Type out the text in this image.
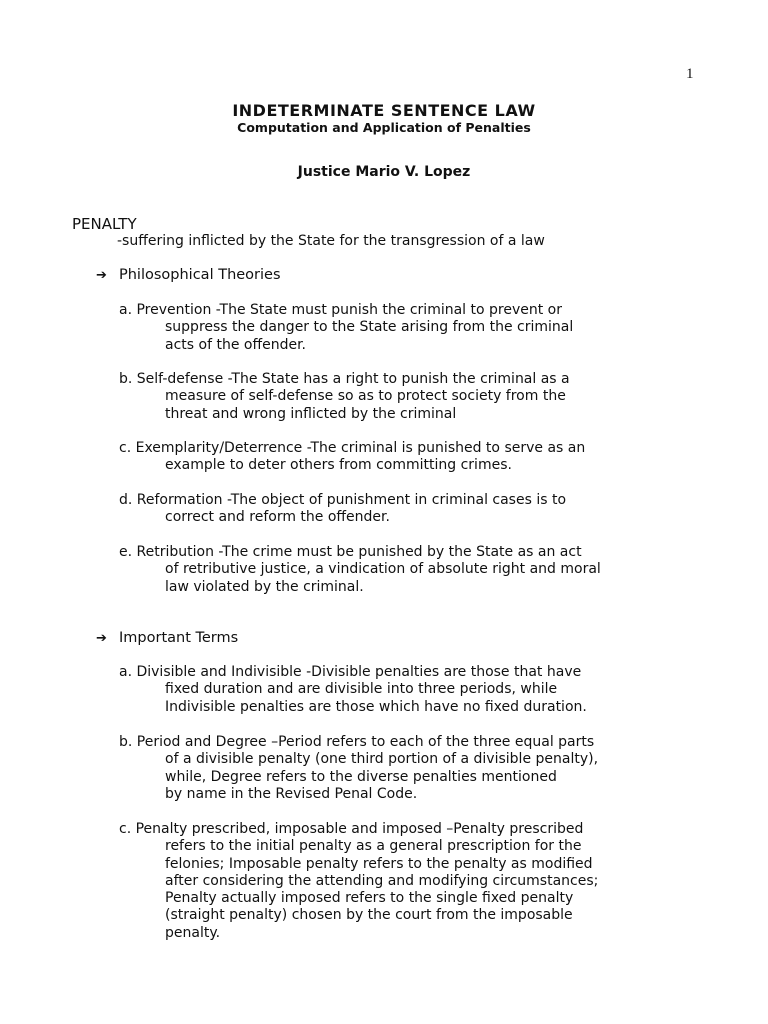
1
INDETERMINATE SENTENCE LAW
Computation and Application of Penalties
Justice Mario V. Lopez
PENALTY
-suffering inflicted by the State for the transgression of a law
➔ Philosophical Theories
a. Prevention -The State must punish the criminal to prevent or
suppress the danger to the State arising from the criminal
acts of the offender.
b. Self-defense -The State has a right to punish the criminal as a
measure of self-defense so as to protect society from the
threat and wrong inflicted by the criminal
c. Exemplarity/Deterrence -The criminal is punished to serve as an
example to deter others from committing crimes.
d. Reformation -The object of punishment in criminal cases is to
correct and reform the offender.
e. Retribution -The crime must be punished by the State as an act
of retributive justice, a vindication of absolute right and moral
law violated by the criminal.
➔ Important Terms
a. Divisible and Indivisible -Divisible penalties are those that have
fixed duration and are divisible into three periods, while
Indivisible penalties are those which have no fixed duration.
b. Period and Degree –Period refers to each of the three equal parts
of a divisible penalty (one third portion of a divisible penalty),
while, Degree refers to the diverse penalties mentioned
by name in the Revised Penal Code.
c. Penalty prescribed, imposable and imposed –Penalty prescribed
refers to the initial penalty as a general prescription for the
felonies; Imposable penalty refers to the penalty as modified
after considering the attending and modifying circumstances;
Penalty actually imposed refers to the single fixed penalty
(straight penalty) chosen by the court from the imposable
penalty.
